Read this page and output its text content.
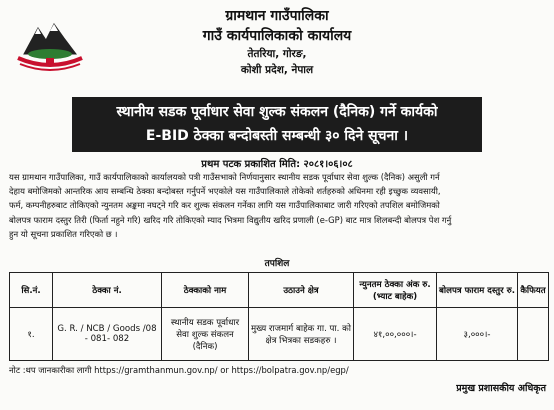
ग्रामथान गाउँपालिका
गाउँ कार्यपालिकाको कार्यालय
तेतरिया, गोरङ,
कोशी प्रदेश, नेपाल
स्थानीय सडक पूर्वाधार सेवा शुल्क संकलन (दैनिक) गर्ने कार्यको
E-BID ठेक्का बन्दोबस्ती सम्बन्धी ३० दिने सूचना ।
प्रथम पटक प्रकाशित मिति: २०८१।०६।०८

यस ग्रामथान गाउँपालिका, गाउँ कार्यपालिकाको कार्यालयको पत्री गाउँसभाको निर्णयानुसार स्थानीय सडक पूर्वाधार सेवा शुल्क (दैनिक) असुली गर्न

देहाय बमोजिमको आन्तरिक आय सम्बन्धि ठेक्का बन्दोबस्त गर्नुपर्ने भएकोले यस गाउँपालिकाले तोकेको शर्तहरुको अधिनमा रही इच्छुक व्यवसायी,

फर्म, कम्पनीहरुबाट तोकिएको न्युनतम अङ्कमा नघट्ने गरि कर शुल्क संकलन गर्नेका लागि यस गाउँपालिकाबाट जारी गरिएको तपशिल बमोजिमको

बोलपत्र फाराम दस्तुर तिरी (फिर्ता नहुने गरि) खरिद गरि तोकिएको म्याद भित्रमा विद्युतीय खरिद प्रणाली (e-GP) बाट मात्र शिलबन्दी बोलपत्र पेश गर्नु

हुन यो सूचना प्रकाशित गरिएको छ ।

तपशिल
सि.नं.	ठेक्का नं.	ठेक्काको नाम	उठाउने क्षेत्र	न्युनतम ठेक्का अंक रु. (भ्याट बाहेक)	बोलपत्र फाराम दस्तुर रु.	कैफियत
१.	G. R. / NCB / Goods /08 - 081- 082	स्थानीय सडक पूर्वाधार सेवा शुल्क संकलन (दैनिक)	मुख्य राजमार्ग बाहेक गा. पा. को क्षेत्र भित्रका सडकहरु ।	४१,००,०००।-	३,०००।-	
नोट :थप जानकारीका लागी https://gramthanmun.gov.np/ or https://bolpatra.gov.np/egp/
प्रमुख प्रशासकीय अधिकृत
